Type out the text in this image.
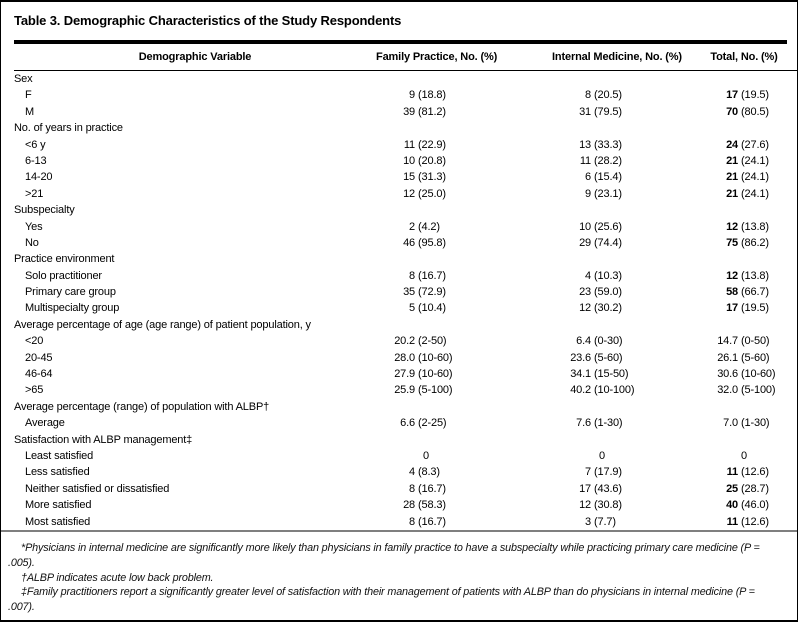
Table 3. Demographic Characteristics of the Study Respondents
Demographic Variable	Family Practice, No. (%)	Internal Medicine, No. (%)	Total, No. (%)
Sex
F	9 (18.8)	8 (20.5)	17 (19.5)
M	39 (81.2)	31 (79.5)	70 (80.5)
No. of years in practice
<6 y	11 (22.9)	13 (33.3)	24 (27.6)
6-13	10 (20.8)	11 (28.2)	21 (24.1)
14-20	15 (31.3)	6 (15.4)	21 (24.1)
>21	12 (25.0)	9 (23.1)	21 (24.1)
Subspecialty
Yes	2 (4.2)	10 (25.6)	12 (13.8)
No	46 (95.8)	29 (74.4)	75 (86.2)
Practice environment
Solo practitioner	8 (16.7)	4 (10.3)	12 (13.8)
Primary care group	35 (72.9)	23 (59.0)	58 (66.7)
Multispecialty group	5 (10.4)	12 (30.2)	17 (19.5)
Average percentage of age (age range) of patient population, y
<20	20.2 (2-50)	6.4 (0-30)	14.7 (0-50)
20-45	28.0 (10-60)	23.6 (5-60)	26.1 (5-60)
46-64	27.9 (10-60)	34.1 (15-50)	30.6 (10-60)
>65	25.9 (5-100)	40.2 (10-100)	32.0 (5-100)
Average percentage (range) of population with ALBP†
Average	6.6 (2-25)	7.6 (1-30)	7.0 (1-30)
Satisfaction with ALBP management‡
Least satisfied	0	0	0
Less satisfied	4 (8.3)	7 (17.9)	11 (12.6)
Neither satisfied or dissatisfied	8 (16.7)	17 (43.6)	25 (28.7)
More satisfied	28 (58.3)	12 (30.8)	40 (46.0)
Most satisfied	8 (16.7)	3 (7.7)	11 (12.6)

*Physicians in internal medicine are significantly more likely than physicians in family practice to have a subspecialty while practicing primary care medicine (P = .005).

†ALBP indicates acute low back problem.

‡Family practitioners report a significantly greater level of satisfaction with their management of patients with ALBP than do physicians in internal medicine (P = .007).
